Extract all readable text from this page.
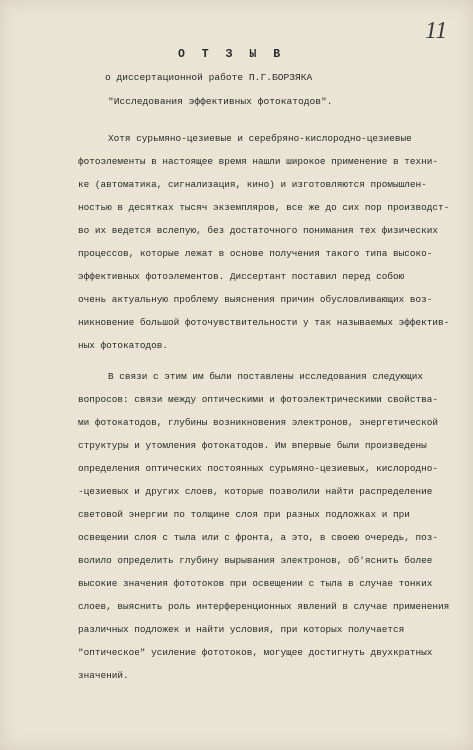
11
О Т З Ы В
о диссертационной работе П.Г.БОРЗЯКА
"Исследования эффективных фотокатодов".
Хотя сурьмяно-цезиевые и серебряно-кислородно-цезиевые
фотоэлементы в настоящее время нашли широкое применение в техни-
ке (автоматика, сигнализация, кино) и изготовляются промышлен-
ностью в десятках тысяч экземпляров, все же до сих пор производст-
во их ведется вслепую, без достаточного понимания тех физических
процессов, которые лежат в основе получения такого типа высоко-
эффективных фотоэлементов. Диссертант поставил перед собою
очень актуальную проблему выяснения причин обусловливающих воз-
никновение большой фоточувствительности у так называемых эффектив-
ных фотокатодов.
В связи с этим им были поставлены исследования следующих
вопросов: связи между оптическими и фотоэлектрическими свойства-
ми фотокатодов, глубины возникновения электронов, энергетической
структуры и утомления фотокатодов. Им впервые были произведены
определения оптических постоянных сурьмяно-цезиевых, кислородно-
-цезиевых и других слоев, которые позволили найти распределение
световой энергии по толщине слоя при разных подложках и при
освещении слоя с тыла или с фронта, а это, в своею очередь, поз-
волило определить глубину вырывания электронов, об'яснить более
высокие значения фототоков при освещении с тыла в случае тонких
слоев, выяснить роль интерференционных явлений в случае применения
различных подложек и найти условия, при которых получается
"оптическое" усиление фототоков, могущее достигнуть двухкратных
значений.
